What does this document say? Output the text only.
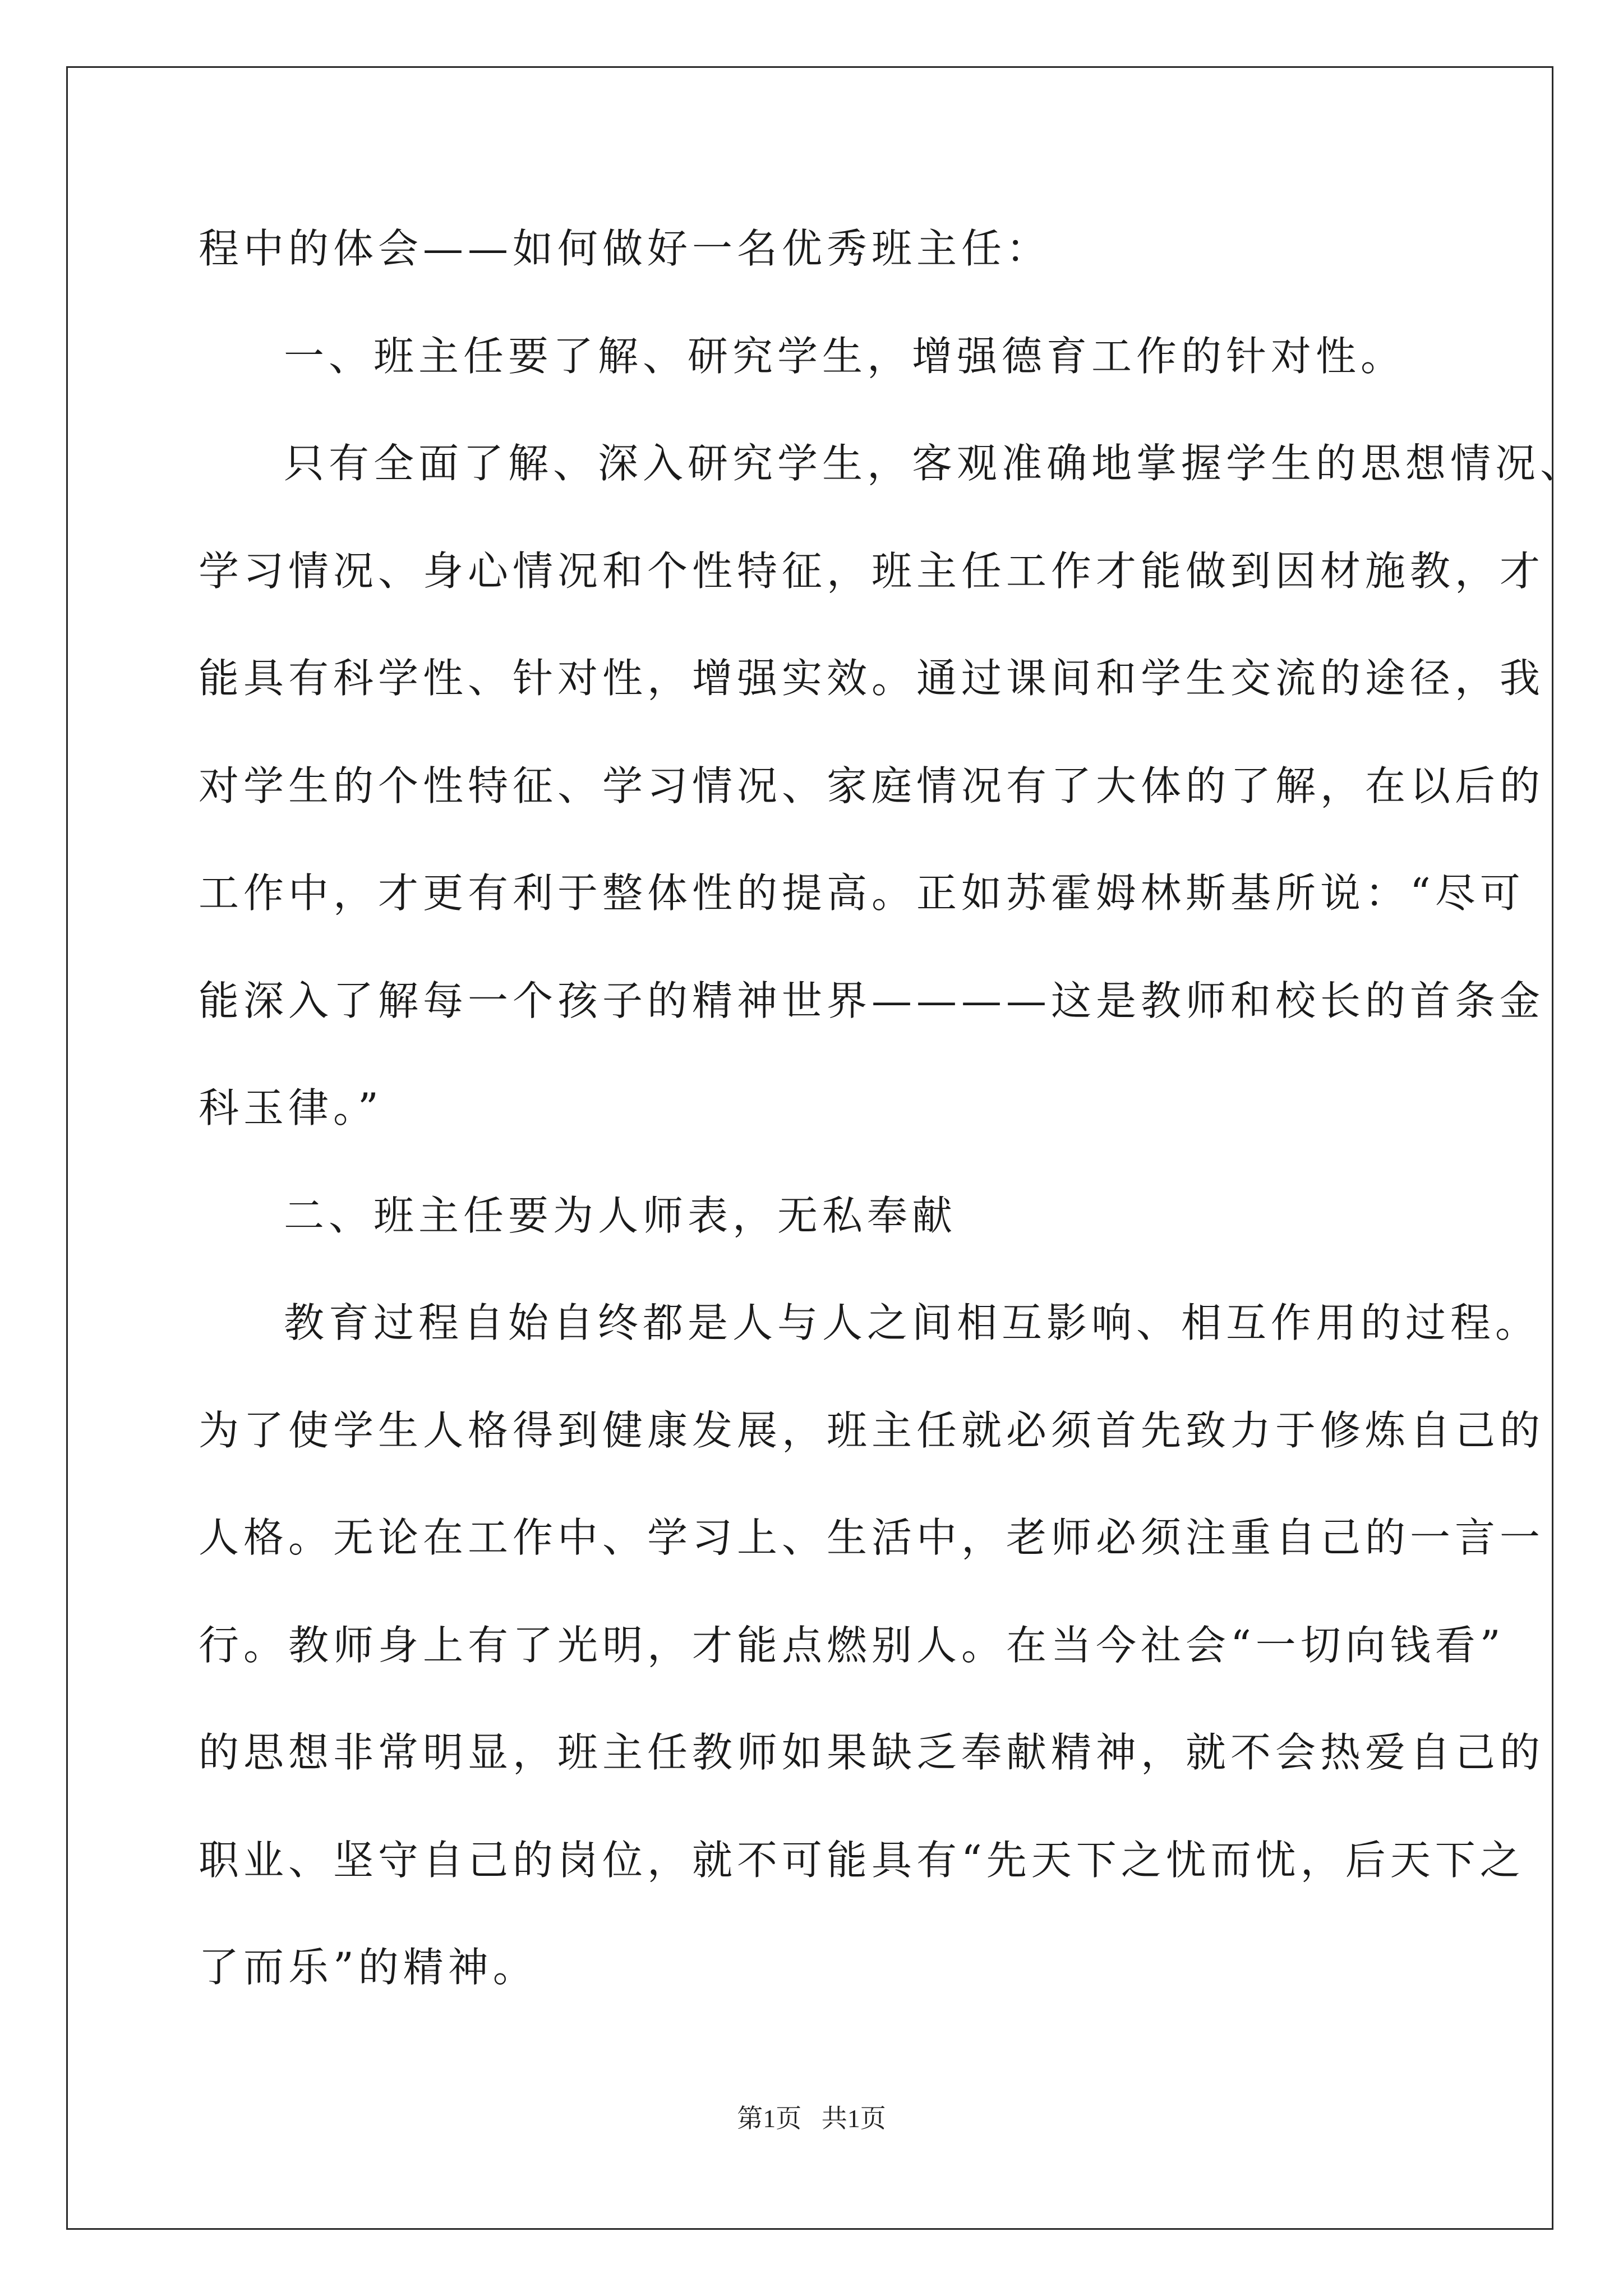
程中的体会——如何做好一名优秀班主任：
一、班主任要了解、研究学生，增强德育工作的针对性。
只有全面了解、深入研究学生，客观准确地掌握学生的思想情况、
学习情况、身心情况和个性特征，班主任工作才能做到因材施教，才
能具有科学性、针对性，增强实效。通过课间和学生交流的途径，我
对学生的个性特征、学习情况、家庭情况有了大体的了解，在以后的
工作中，才更有利于整体性的提高。正如苏霍姆林斯基所说：“尽可
能深入了解每一个孩子的精神世界————这是教师和校长的首条金
科玉律。”
二、班主任要为人师表，无私奉献
教育过程自始自终都是人与人之间相互影响、相互作用的过程。
为了使学生人格得到健康发展，班主任就必须首先致力于修炼自己的
人格。无论在工作中、学习上、生活中，老师必须注重自己的一言一
行。教师身上有了光明，才能点燃别人。在当今社会“一切向钱看”
的思想非常明显，班主任教师如果缺乏奉献精神，就不会热爱自己的
职业、坚守自己的岗位，就不可能具有“先天下之忧而忧，后天下之
了而乐”的精神。
第1页 共1页
